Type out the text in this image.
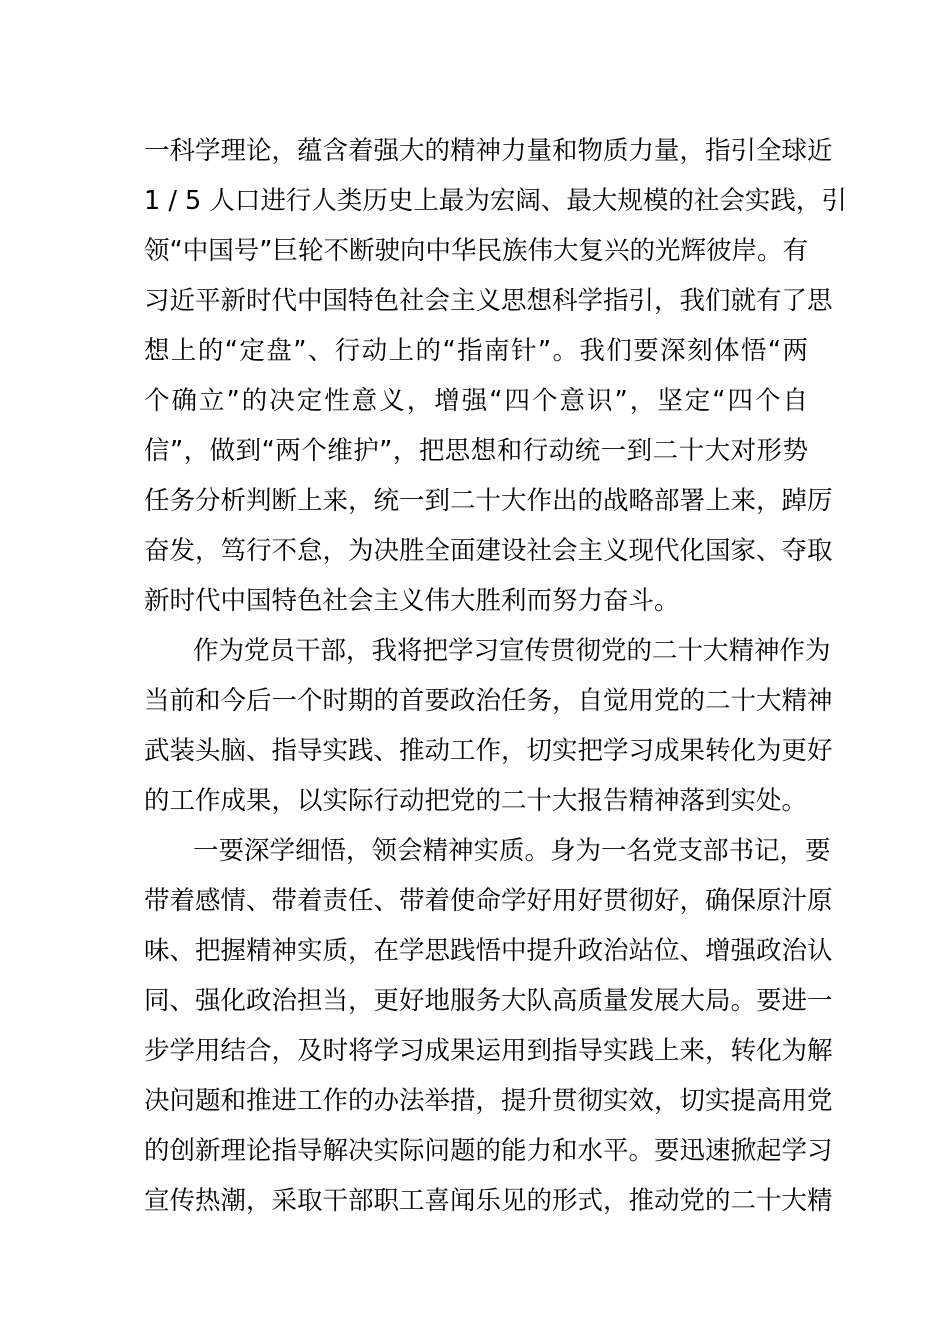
一科学理论，蕴含着强大的精神力量和物质力量，指引全球近
1 / 5 人口进行人类历史上最为宏阔、最大规模的社会实践，引
领“中国号”巨轮不断驶向中华民族伟大复兴的光辉彼岸。有
习近平新时代中国特色社会主义思想科学指引，我们就有了思
想上的“定盘”、行动上的“指南针”。我们要深刻体悟“两
个确立”的决定性意义，增强“四个意识”，坚定“四个自
信”，做到“两个维护”，把思想和行动统一到二十大对形势
任务分析判断上来，统一到二十大作出的战略部署上来，踔厉
奋发，笃行不怠，为决胜全面建设社会主义现代化国家、夺取
新时代中国特色社会主义伟大胜利而努力奋斗。
作为党员干部，我将把学习宣传贯彻党的二十大精神作为
当前和今后一个时期的首要政治任务，自觉用党的二十大精神
武装头脑、指导实践、推动工作，切实把学习成果转化为更好
的工作成果，以实际行动把党的二十大报告精神落到实处。
一要深学细悟，领会精神实质。身为一名党支部书记，要
带着感情、带着责任、带着使命学好用好贯彻好，确保原汁原
味、把握精神实质，在学思践悟中提升政治站位、增强政治认
同、强化政治担当，更好地服务大队高质量发展大局。要进一
步学用结合，及时将学习成果运用到指导实践上来，转化为解
决问题和推进工作的办法举措，提升贯彻实效，切实提高用党
的创新理论指导解决实际问题的能力和水平。要迅速掀起学习
宣传热潮，采取干部职工喜闻乐见的形式，推动党的二十大精
